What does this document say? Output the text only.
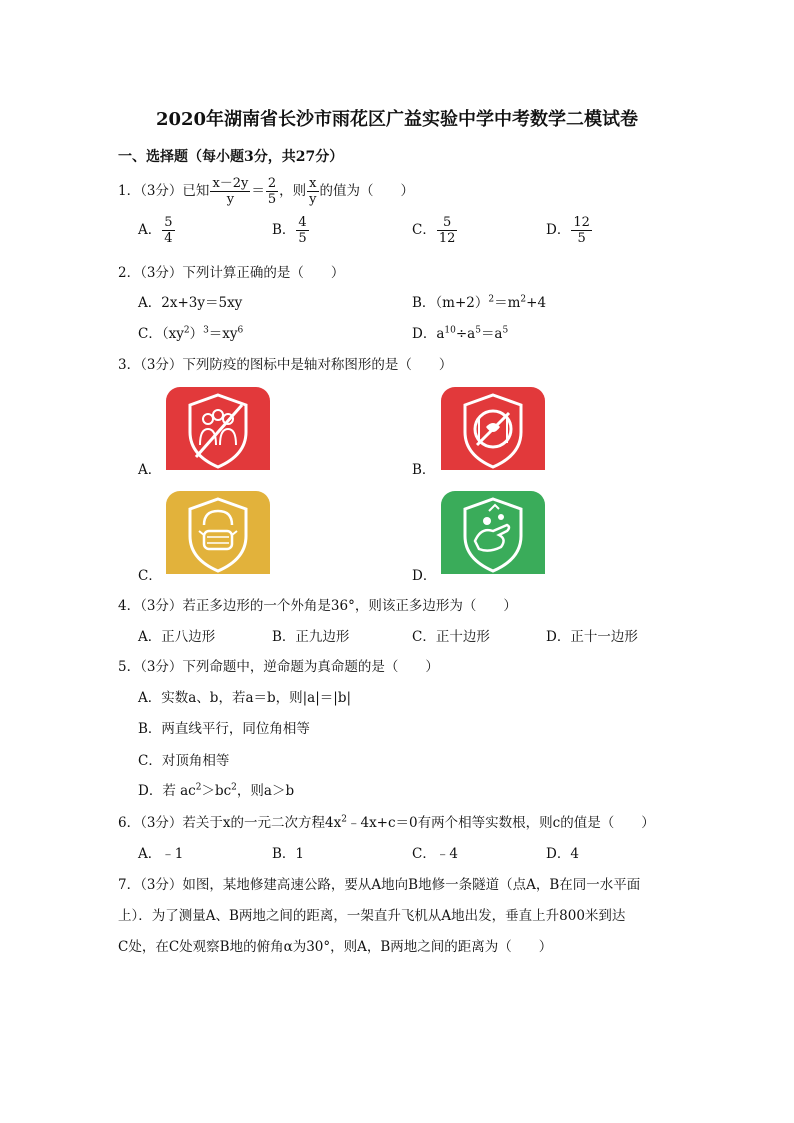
2020年湖南省长沙市雨花区广益实验中学中考数学二模试卷
一、选择题（每小题3分，共27分）
1．（3分）已知 $\frac{x-2y}{y} = \frac{2}{5}$ ，则 $\frac{x}{y}$ 的值为（　　）
A． $\frac{5}{4}$	B． $\frac{4}{5}$	C． $\frac{5}{12}$	D． $\frac{12}{5}$
2．（3分）下列计算正确的是（　　）
A．2x+3y＝5xy	B．$(m+2)^2=m^2+4$
C．$(xy^2)^3=xy^6$	D．$a^{10}\div a^5=a^5$
3．（3分）下列防疫的图标中是轴对称图形的是（　　）
A．	B．
C．	D．
4．（3分）若正多边形的一个外角是36°，则该正多边形为（　　）
A．正八边形	B．正九边形	C．正十边形	D．正十一边形
5．（3分）下列命题中，逆命题为真命题的是（　　）
A．实数a、b，若a＝b，则|a|＝|b|
B．两直线平行，同位角相等
C．对顶角相等
D．若 $ac^2>bc^2$，则a＞b
6．（3分）若关于x的一元二次方程$4x^2﹣4x+c=0$有两个相等实数根，则c的值是（　　）
A．﹣1	B．1	C．﹣4	D．4
7．（3分）如图，某地修建高速公路，要从A地向B地修一条隧道（点A，B在同一水平面
上）．为了测量A、B两地之间的距离，一架直升飞机从A地出发，垂直上升800米到达
C处，在C处观察B地的俯角α为30°，则A，B两地之间的距离为（　　）
